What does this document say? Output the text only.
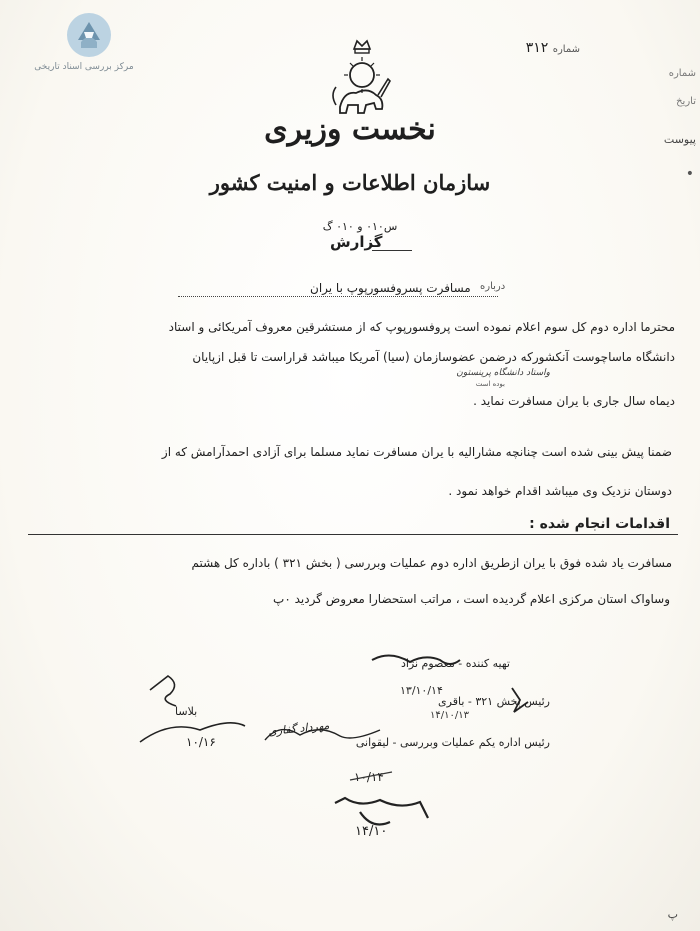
مرکز بررسی اسناد تاریخی
شماره ۳۱۲
شماره
تاریخ
پیوست
•
نخست وزیری
سازمان اطلاعات و امنیت کشور
س۰۱۰ و ۰۱۰ گ
گزارش
درباره
مسافرت پسروفسورپوپ با یران
محترما اداره دوم کل سوم اعلام نموده است پروفسورپوپ که از مستشرقین معروف آمریکائی و استاد
دانشگاه ماساچوست آنکشورکه درضمن عضوسازمان (سیا) آمریکا میباشد قراراست تا قبل ازپایان
واستاد دانشگاه پرینستون
بوده است
دیماه سال جاری با یران مسافرت نماید .
ضمنا پیش بینی شده است چنانچه مشارالیه با یران مسافرت نماید مسلما برای آزادی احمدآرامش که از
دوستان نزدیک وی میباشد اقدام خواهد نمود .
اقدامات انجام شده :
مسافرت یاد شده فوق با یران ازطریق اداره دوم عملیات وبررسی ( بخش ۳۲۱ ) باداره کل هشتم
وساواک استان مرکزی اعلام گردیده است ، مراتب استحضارا معروض گردید ۰پ
تهیه کننده - معصوم نژاد
۱۳/۱۰/۱۴
رئیس بخش ۳۲۱ - باقری
۱۴/۱۰/۱۳
رئیس اداره یکم عملیات وبررسی - لیقوانی
مهرداد گفاری
۱۰/۱۴
بلاسا
۱۰/۱۶
۱۴/۱۰
پ
